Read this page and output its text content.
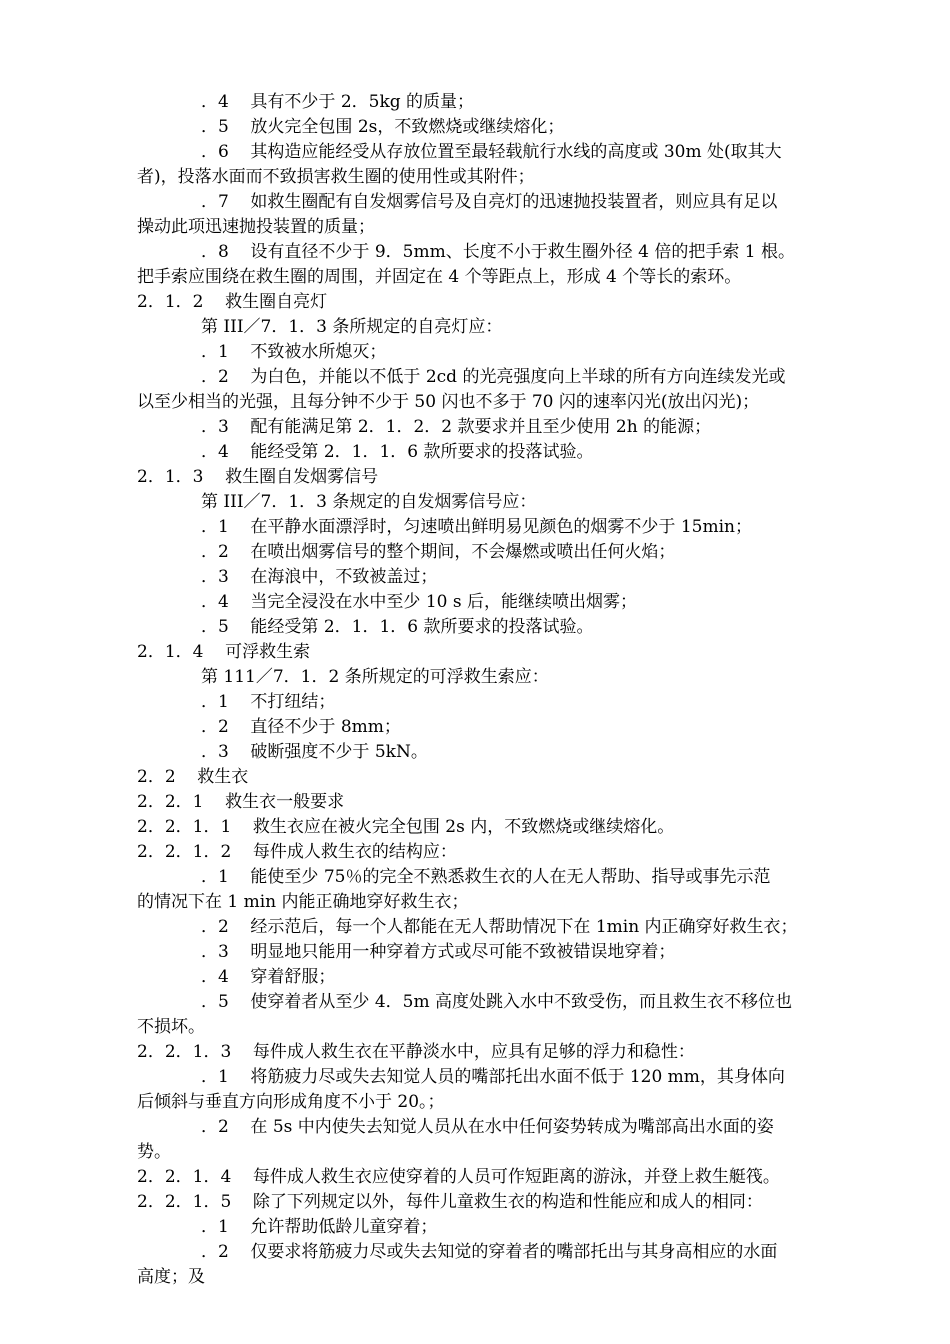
．4    具有不少于 2．5kg 的质量；

．5    放火完全包围 2s，不致燃烧或继续熔化；

．6    其构造应能经受从存放位置至最轻载航行水线的高度或 30m 处(取其大

者)，投落水面而不致损害救生圈的使用性或其附件；

．7    如救生圈配有自发烟雾信号及自亮灯的迅速抛投装置者，则应具有足以

操动此项迅速抛投装置的质量；

．8    设有直径不少于 9．5mm、长度不小于救生圈外径 4 倍的把手索 1 根。

把手索应围绕在救生圈的周围，并固定在 4 个等距点上，形成 4 个等长的索环。

2．1．2    救生圈自亮灯

第 III／7．1．3 条所规定的自亮灯应：

．1    不致被水所熄灭；

．2    为白色，并能以不低于 2cd 的光亮强度向上半球的所有方向连续发光或

以至少相当的光强，且每分钟不少于 50 闪也不多于 70 闪的速率闪光(放出闪光)；

．3    配有能满足第 2．1．2．2 款要求并且至少使用 2h 的能源；

．4    能经受第 2．1．1．6 款所要求的投落试验。

2．1．3    救生圈自发烟雾信号

第 III／7．1．3 条规定的自发烟雾信号应：

．1    在平静水面漂浮时，匀速喷出鲜明易见颜色的烟雾不少于 15min；

．2    在喷出烟雾信号的整个期间，不会爆燃或喷出任何火焰；

．3    在海浪中，不致被盖过；

．4    当完全浸没在水中至少 10 s 后，能继续喷出烟雾；

．5    能经受第 2．1．1．6 款所要求的投落试验。

2．1．4    可浮救生索

第 111／7．1．2 条所规定的可浮救生索应：

．1    不打纽结；

．2    直径不少于 8mm；

．3    破断强度不少于 5kN。

2．2    救生衣

2．2．1    救生衣一般要求

2．2．1．1    救生衣应在被火完全包围 2s 内，不致燃烧或继续熔化。

2．2．1．2    每件成人救生衣的结构应：

．1    能使至少 75％的完全不熟悉救生衣的人在无人帮助、指导或事先示范

的情况下在 1 min 内能正确地穿好救生衣；

．2    经示范后，每一个人都能在无人帮助情况下在 1min 内正确穿好救生衣；

．3    明显地只能用一种穿着方式或尽可能不致被错误地穿着；

．4    穿着舒服；

．5    使穿着者从至少 4．5m 高度处跳入水中不致受伤，而且救生衣不移位也

不损坏。

2．2．1．3    每件成人救生衣在平静淡水中，应具有足够的浮力和稳性：

．1    将筋疲力尽或失去知觉人员的嘴部托出水面不低于 120 mm，其身体向

后倾斜与垂直方向形成角度不小于 20。；

．2    在 5s 中内使失去知觉人员从在水中任何姿势转成为嘴部高出水面的姿

势。

2．2．1．4    每件成人救生衣应使穿着的人员可作短距离的游泳，并登上救生艇筏。

2．2．1．5    除了下列规定以外，每件儿童救生衣的构造和性能应和成人的相同：

．1    允许帮助低龄儿童穿着；

．2    仅要求将筋疲力尽或失去知觉的穿着者的嘴部托出与其身高相应的水面

高度；及
